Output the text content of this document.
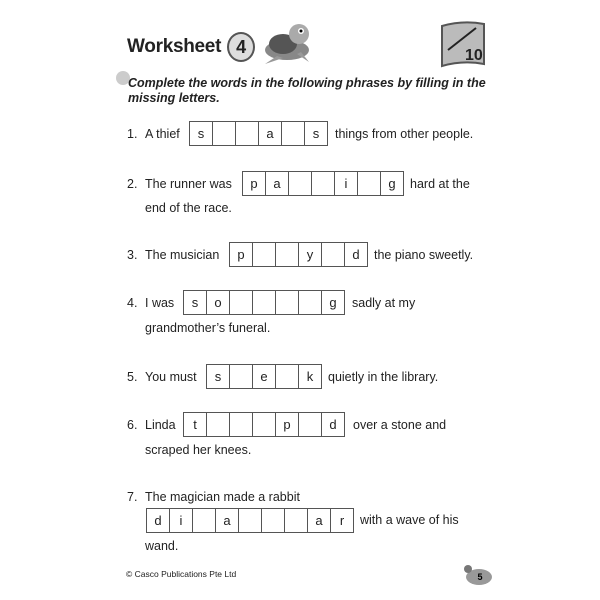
Worksheet 4	10
Complete the words in the following phrases by filling in the missing letters.
1. A thief	s	a	s	things from other people.
2. The runner was	p	a	i	g	hard at the
end of the race.
3. The musician	p	y	d	the piano sweetly.
4. I was	s	o	g	sadly at my
grandmother’s funeral.
5. You must	s	e	k	quietly in the library.
6. Linda	t	p	d	over a stone and
scraped her knees.
7. The magician made a rabbit
d	i	a	a	r	with a wave of his
wand.
© Casco Publications Pte Ltd	5
